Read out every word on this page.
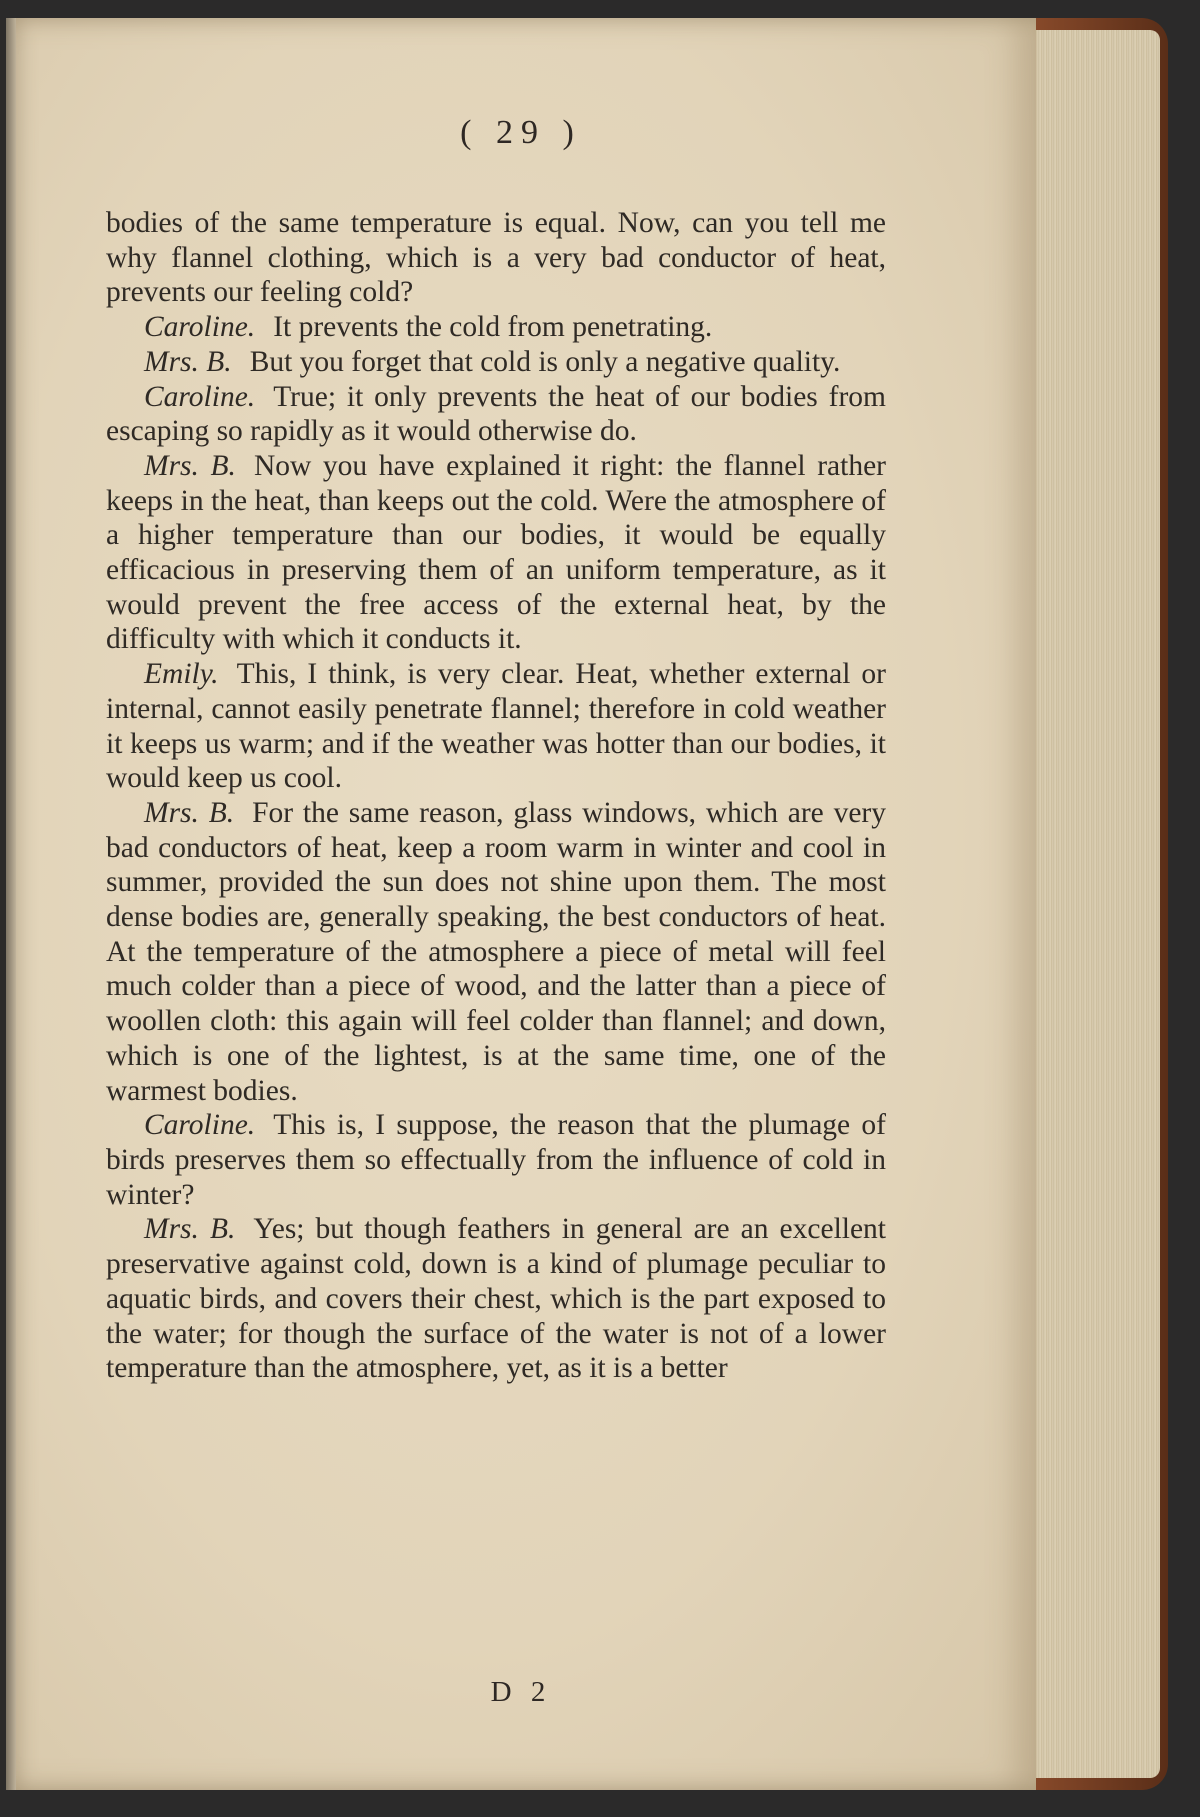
( 29 )

bodies of the same temperature is equal. Now, can you tell me why flannel clothing, which is a very bad conductor of heat, prevents our feeling cold?

Caroline. It prevents the cold from penetrating.

Mrs. B. But you forget that cold is only a negative quality.

Caroline. True; it only prevents the heat of our bodies from escaping so rapidly as it would otherwise do.

Mrs. B. Now you have explained it right: the flannel rather keeps in the heat, than keeps out the cold. Were the atmosphere of a higher temperature than our bodies, it would be equally efficacious in preserving them of an uniform temperature, as it would prevent the free access of the external heat, by the difficulty with which it conducts it.

Emily. This, I think, is very clear. Heat, whether external or internal, cannot easily penetrate flannel; therefore in cold weather it keeps us warm; and if the weather was hotter than our bodies, it would keep us cool.

Mrs. B. For the same reason, glass windows, which are very bad conductors of heat, keep a room warm in winter and cool in summer, provided the sun does not shine upon them. The most dense bodies are, generally speaking, the best conductors of heat. At the temperature of the atmosphere a piece of metal will feel much colder than a piece of wood, and the latter than a piece of woollen cloth: this again will feel colder than flannel; and down, which is one of the lightest, is at the same time, one of the warmest bodies.

Caroline. This is, I suppose, the reason that the plumage of birds preserves them so effectually from the influence of cold in winter?

Mrs. B. Yes; but though feathers in general are an excellent preservative against cold, down is a kind of plumage peculiar to aquatic birds, and covers their chest, which is the part exposed to the water; for though the surface of the water is not of a lower temperature than the atmosphere, yet, as it is a better

D 2
